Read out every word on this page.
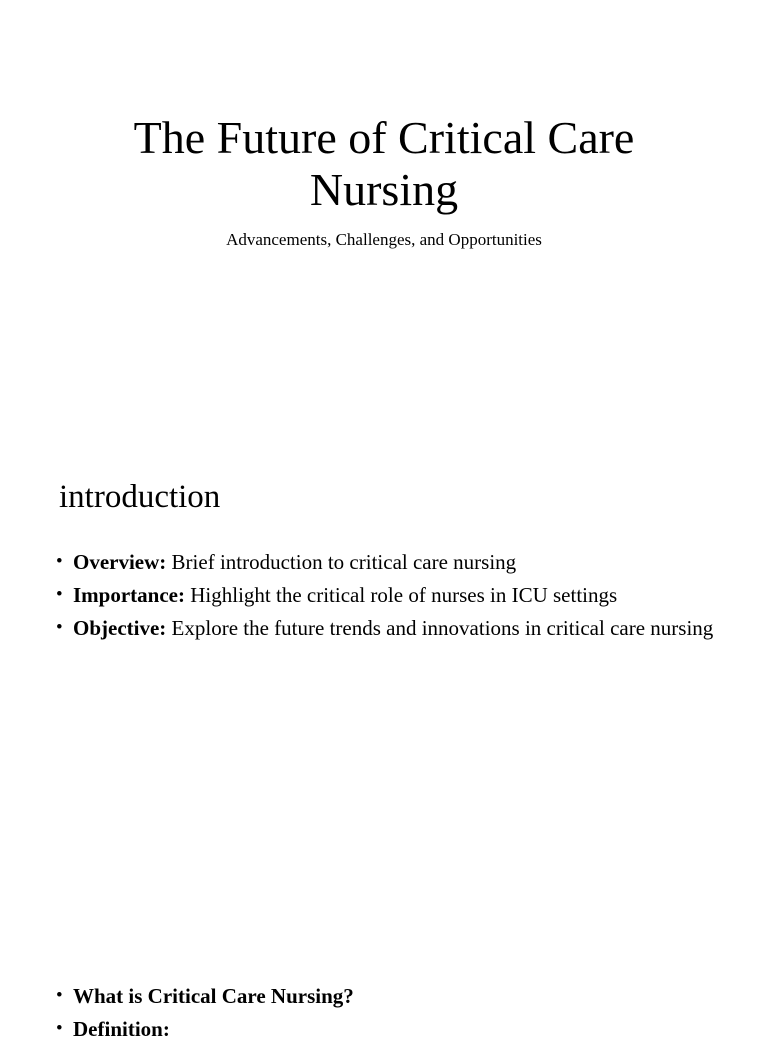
The Future of Critical Care Nursing

Advancements, Challenges, and Opportunities

introduction
• Overview: Brief introduction to critical care nursing
• Importance: Highlight the critical role of nurses in ICU settings
• Objective: Explore the future trends and innovations in critical care nursing
• What is Critical Care Nursing?
• Definition:
